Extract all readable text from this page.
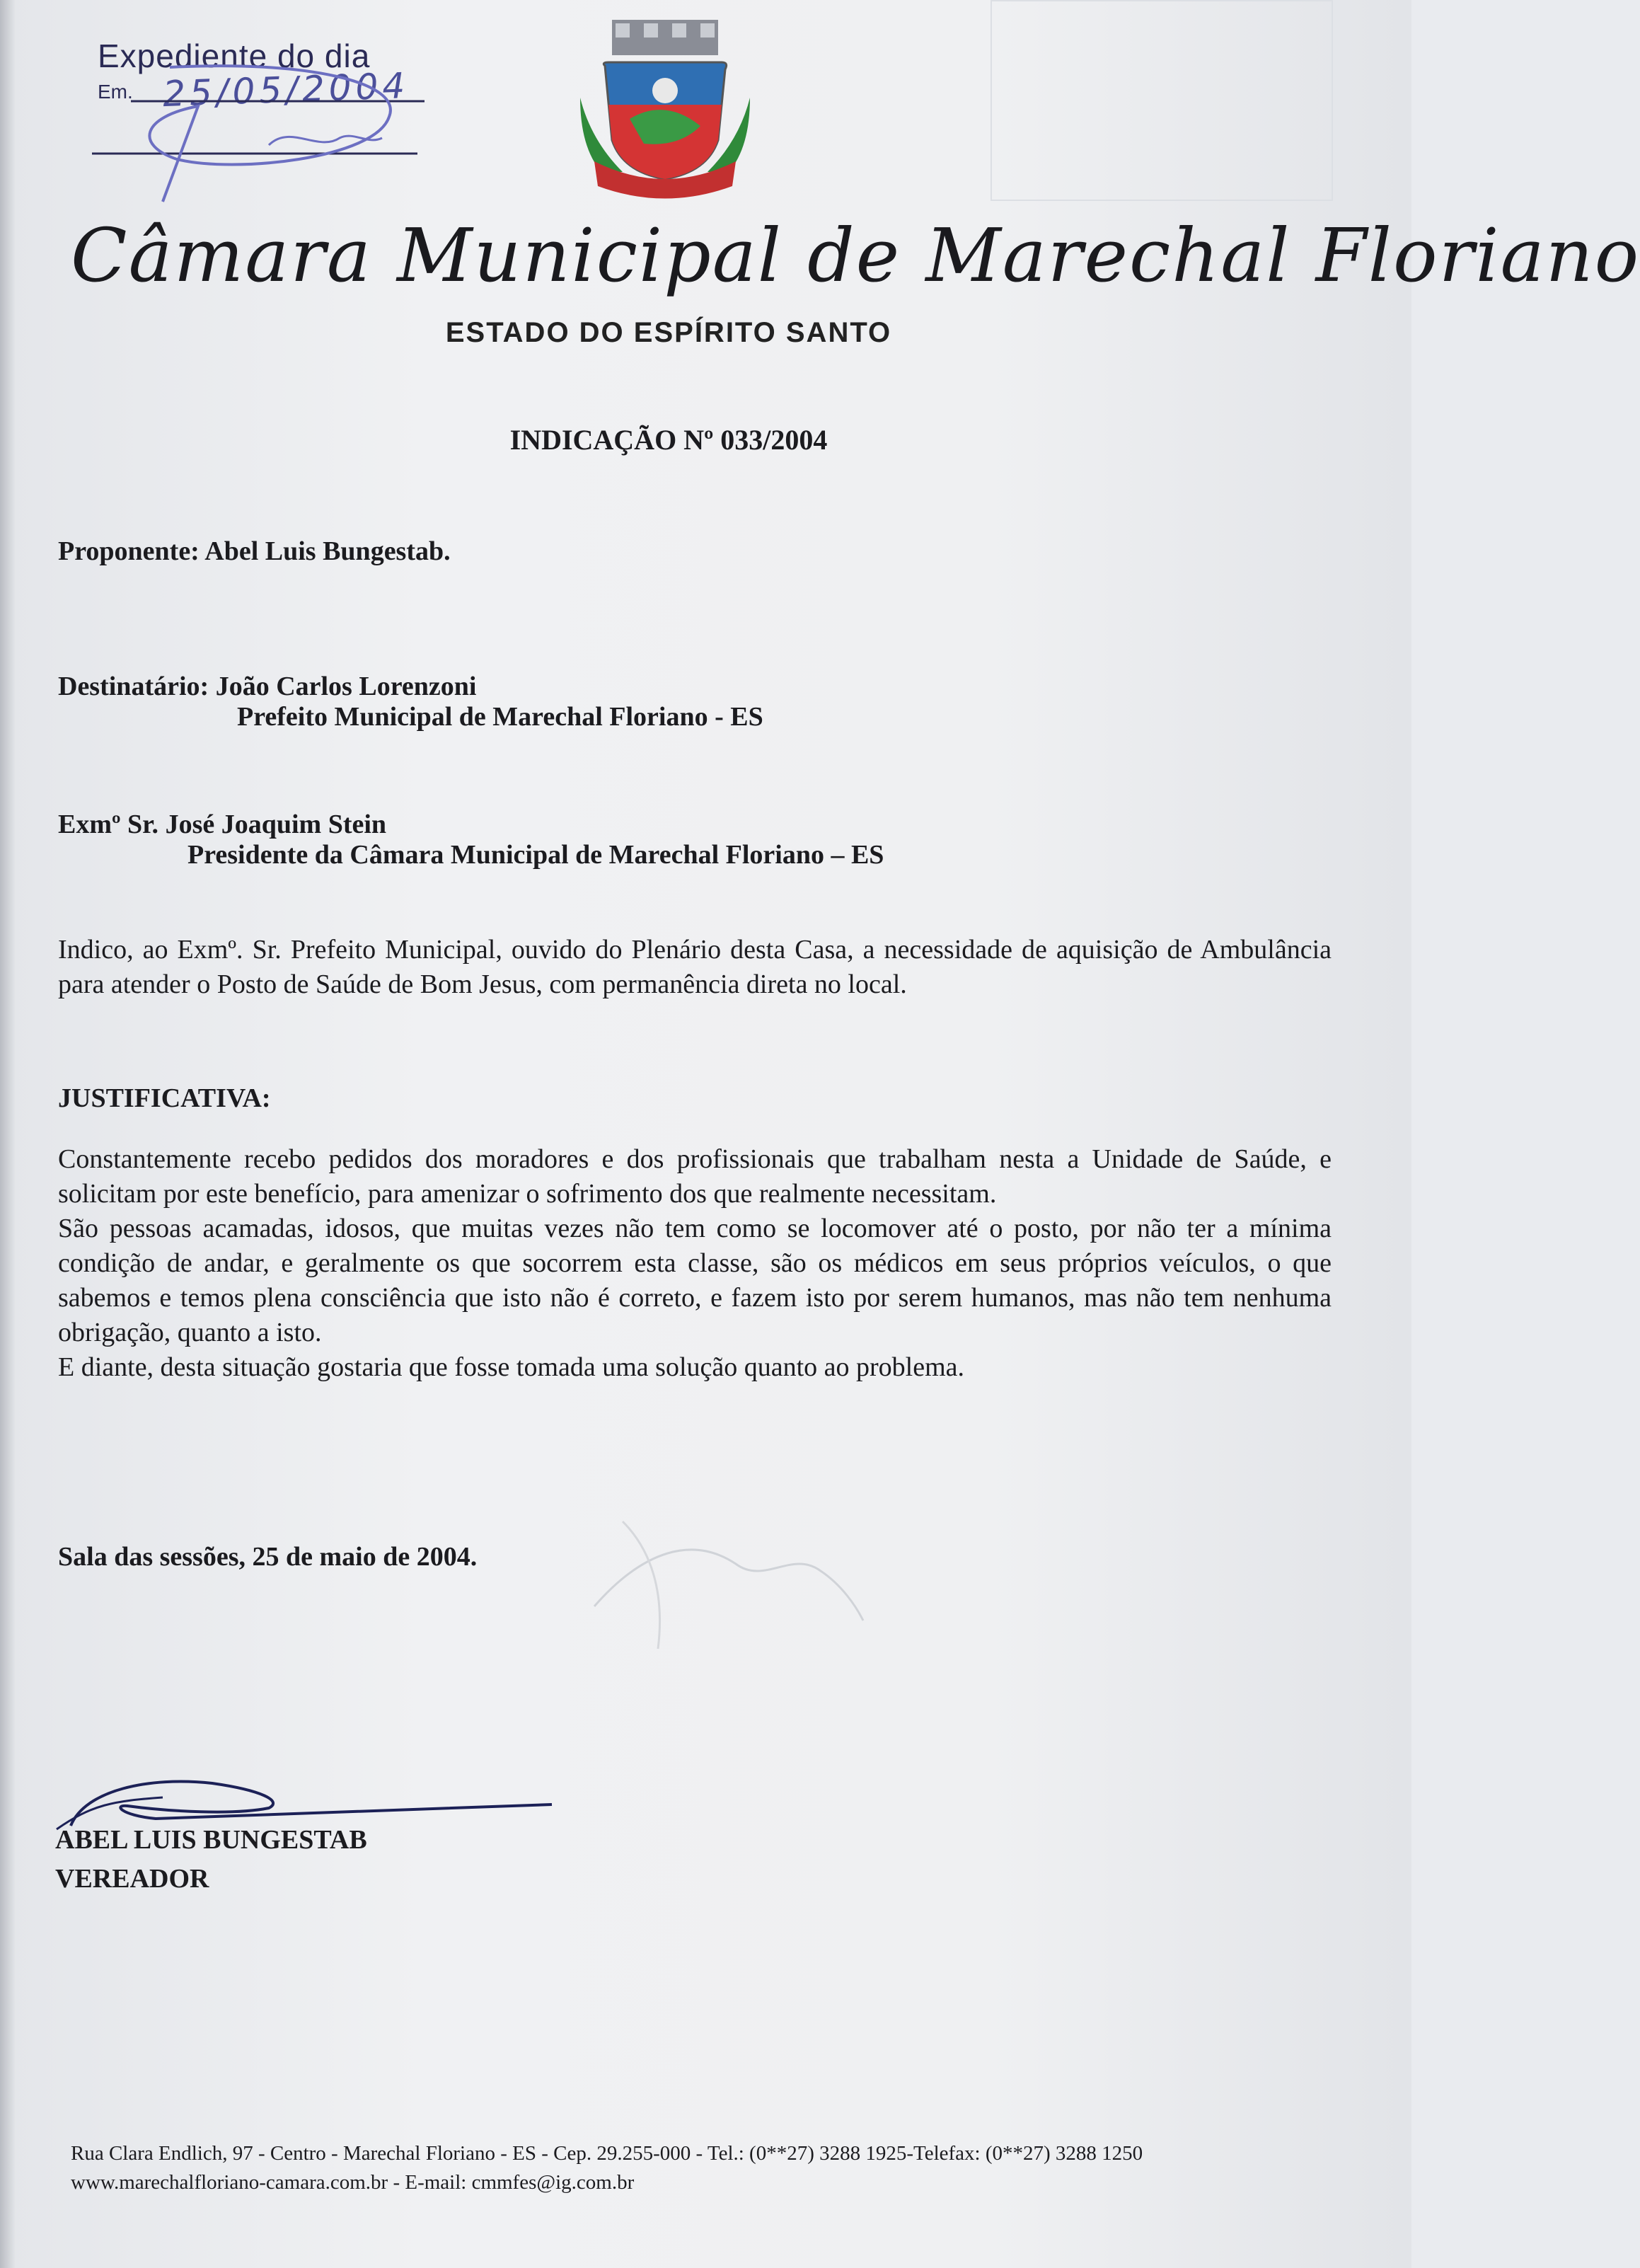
Expediente do dia
Em. 25/05/2004
Câmara Municipal de Marechal Floriano
ESTADO DO ESPÍRITO SANTO
INDICAÇÃO Nº 033/2004
Proponente: Abel Luis Bungestab.
Destinatário: João Carlos Lorenzoni
Prefeito Municipal de Marechal Floriano - ES
Exmº Sr. José Joaquim Stein
Presidente da Câmara Municipal de Marechal Floriano – ES
Indico, ao Exmº. Sr. Prefeito Municipal, ouvido do Plenário desta Casa, a necessidade de aquisição de Ambulância para atender o Posto de Saúde de Bom Jesus, com permanência direta no local.
JUSTIFICATIVA:

Constantemente recebo pedidos dos moradores e dos profissionais que trabalham nesta a Unidade de Saúde, e solicitam por este benefício, para amenizar o sofrimento dos que realmente necessitam.

São pessoas acamadas, idosos, que muitas vezes não tem como se locomover até o posto, por não ter a mínima condição de andar, e geralmente os que socorrem esta classe, são os médicos em seus próprios veículos, o que sabemos e temos plena consciência que isto não é correto, e fazem isto por serem humanos, mas não tem nenhuma obrigação, quanto a isto.

E diante, desta situação gostaria que fosse tomada uma solução quanto ao problema.

Sala das sessões, 25 de maio de 2004.
ABEL LUIS BUNGESTAB
VEREADOR
Rua Clara Endlich, 97 - Centro - Marechal Floriano - ES - Cep. 29.255-000 - Tel.: (0**27) 3288 1925-Telefax: (0**27) 3288 1250
www.marechalfloriano-camara.com.br - E-mail: cmmfes@ig.com.br
